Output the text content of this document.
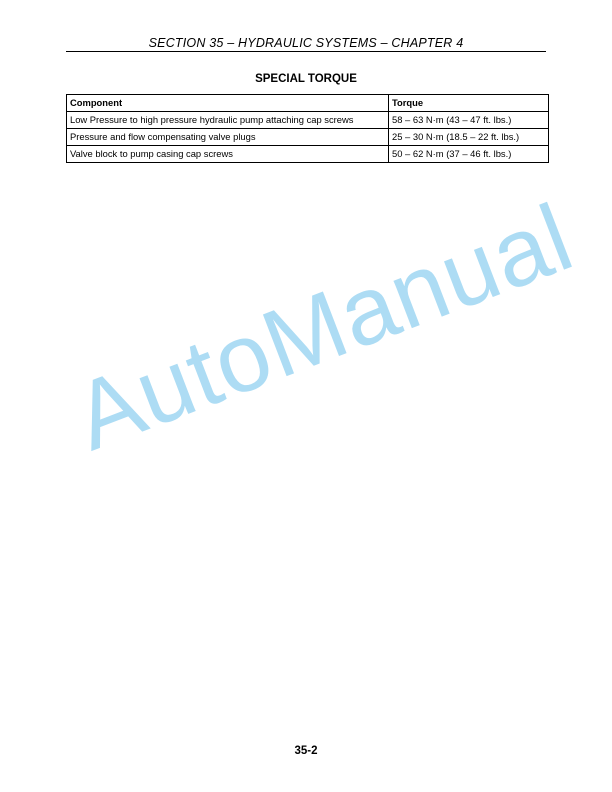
SECTION 35 – HYDRAULIC SYSTEMS – CHAPTER 4
SPECIAL TORQUE
Component	Torque
Low Pressure to high pressure hydraulic pump attaching cap screws	58 – 63 N·m (43 – 47 ft. lbs.)
Pressure and flow compensating valve plugs	25 – 30 N·m (18.5 – 22 ft. lbs.)
Valve block to pump casing cap screws	50 – 62 N·m (37 – 46 ft. lbs.)
AutoManual
35-2
